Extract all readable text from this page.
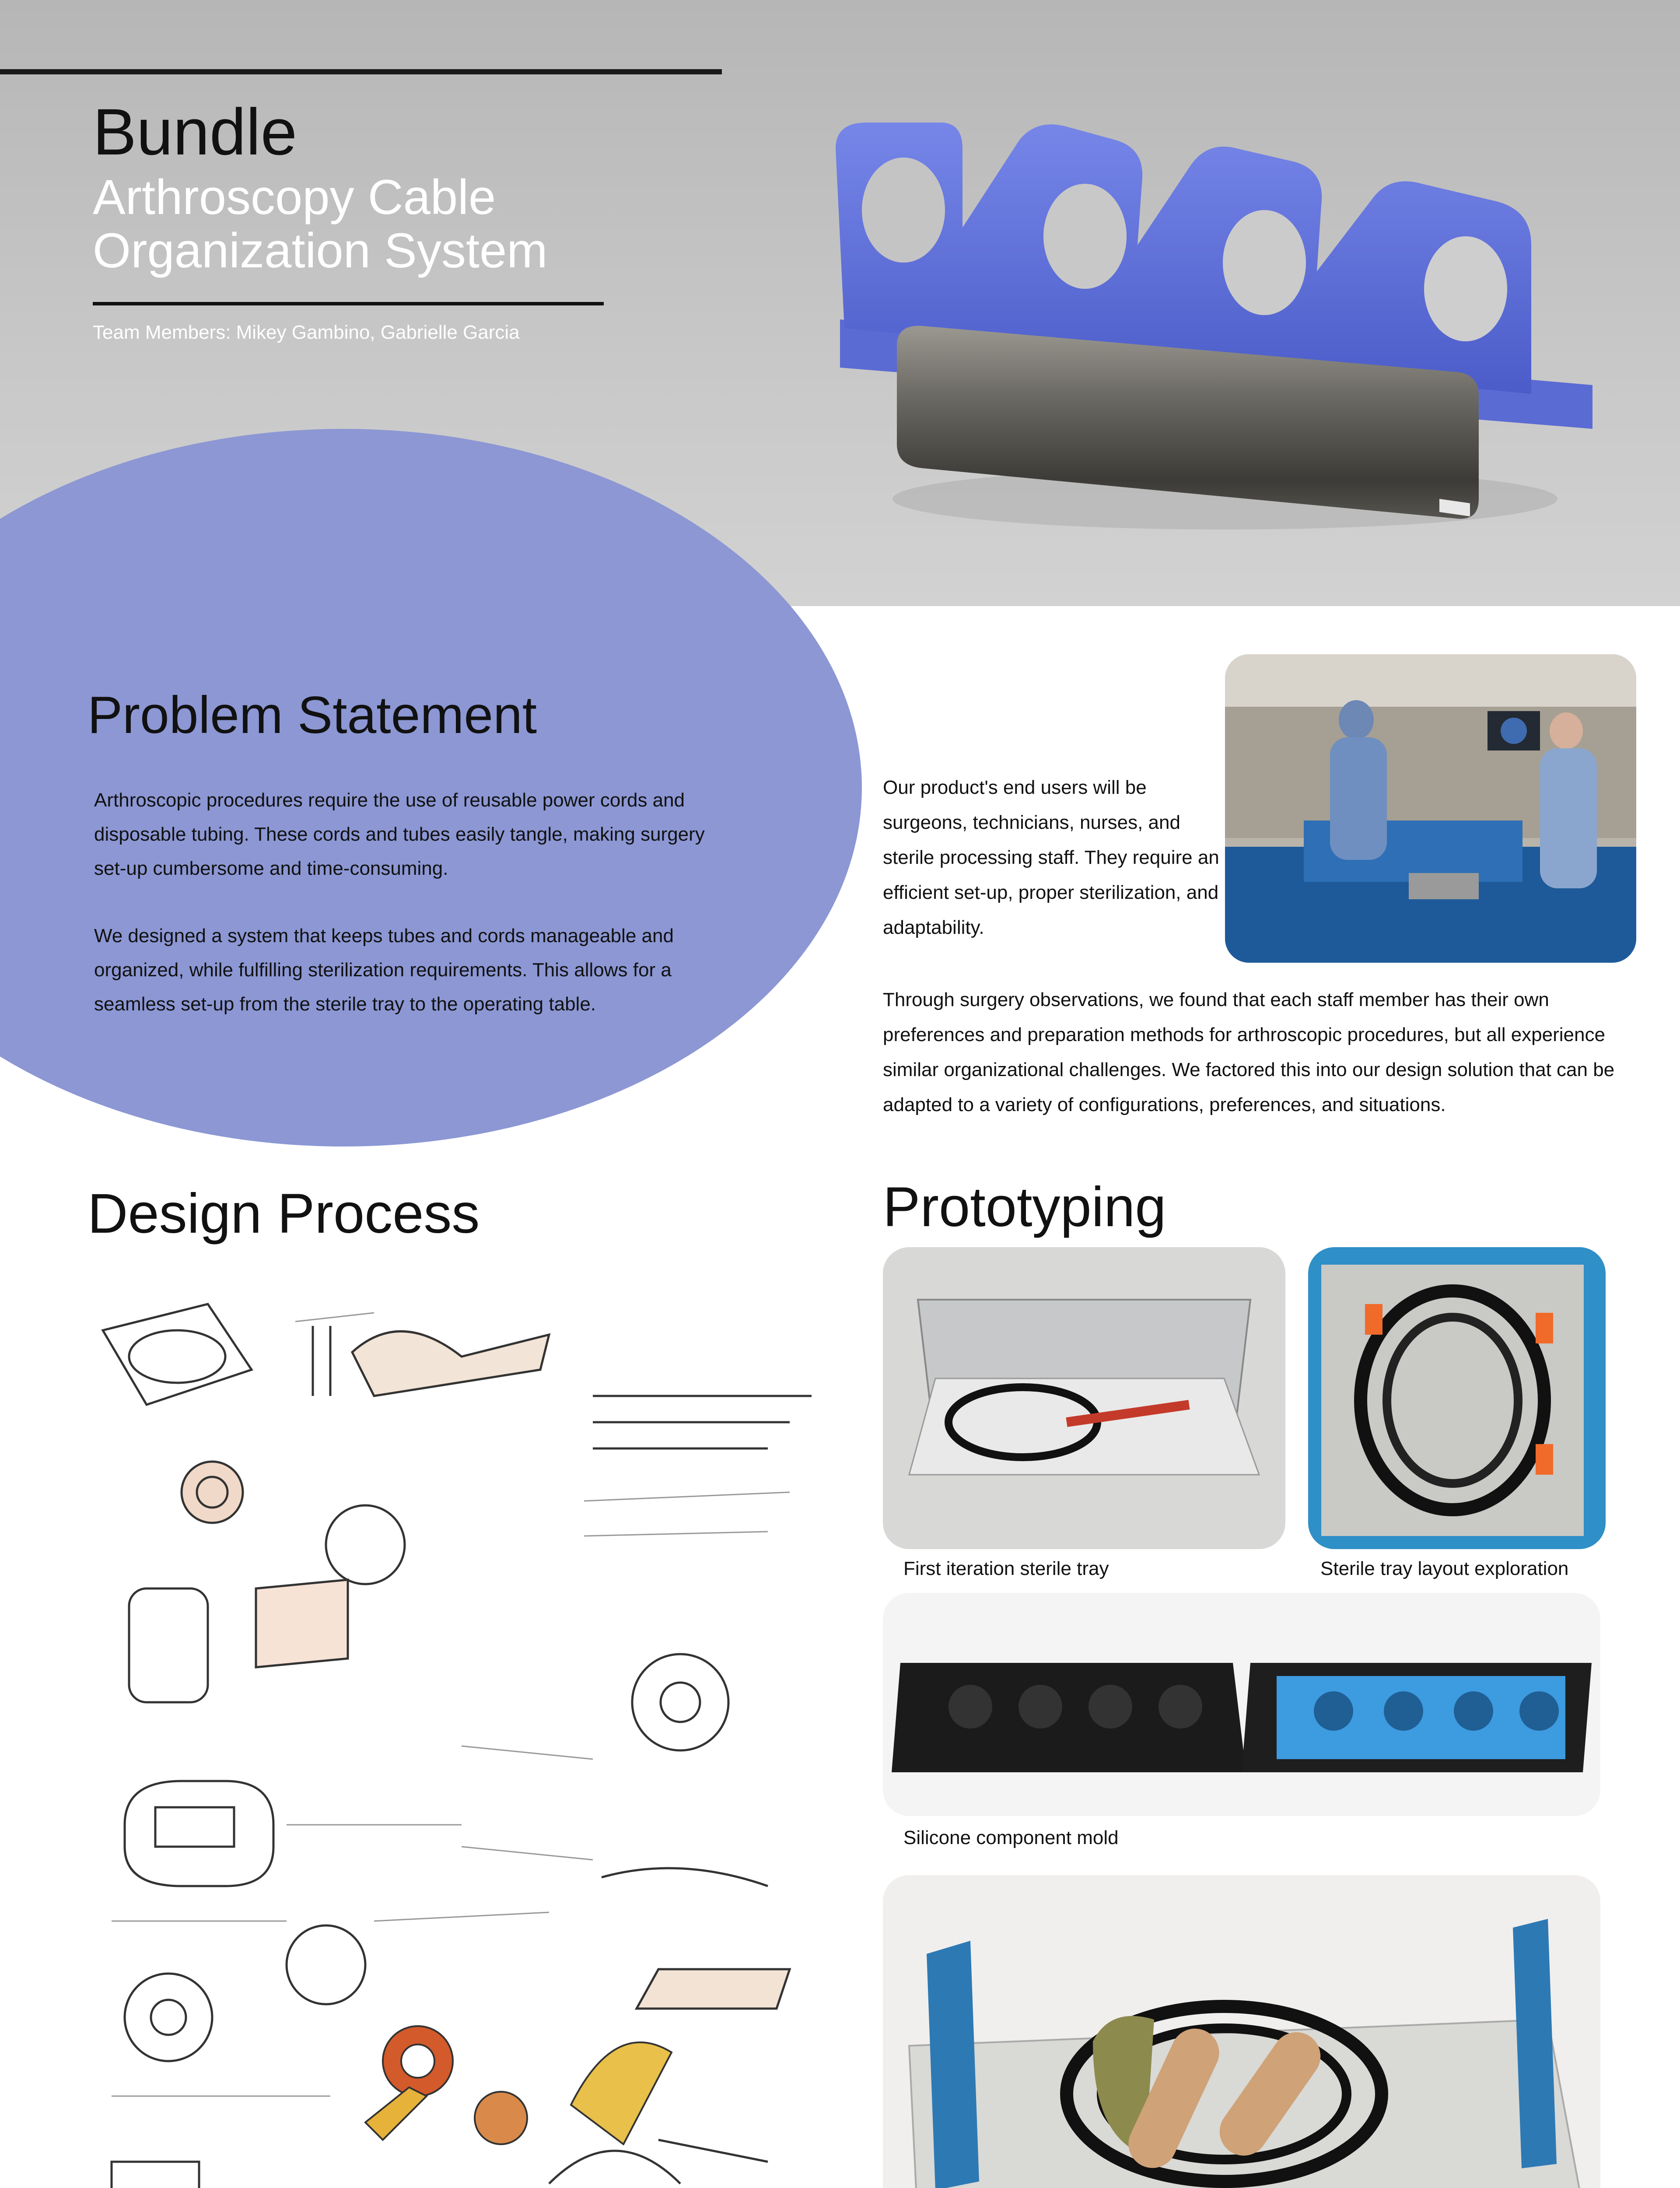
Bundle
Arthroscopy Cable
Organization System
Team Members: Mikey Gambino, Gabrielle Garcia
Problem Statement
Arthroscopic procedures require the use of reusable power cords and disposable tubing. These cords and tubes easily tangle, making surgery set-up cumbersome and time-consuming.
We designed a system that keeps tubes and cords manageable and organized, while fulfilling sterilization requirements. This allows for a seamless set-up from the sterile tray to the operating table.
Our product's end users will be surgeons, technicians, nurses, and sterile processing staff. They require an efficient set-up, proper sterilization, and adaptability.
Through surgery observations, we found that each staff member has their own preferences and preparation methods for arthroscopic procedures, but all experience similar organizational challenges. We factored this into our design solution that can be adapted to a variety of configurations, preferences, and situations.
Design Process	Prototyping
First iteration sterile tray	Sterile tray layout exploration
Silicone component mold
